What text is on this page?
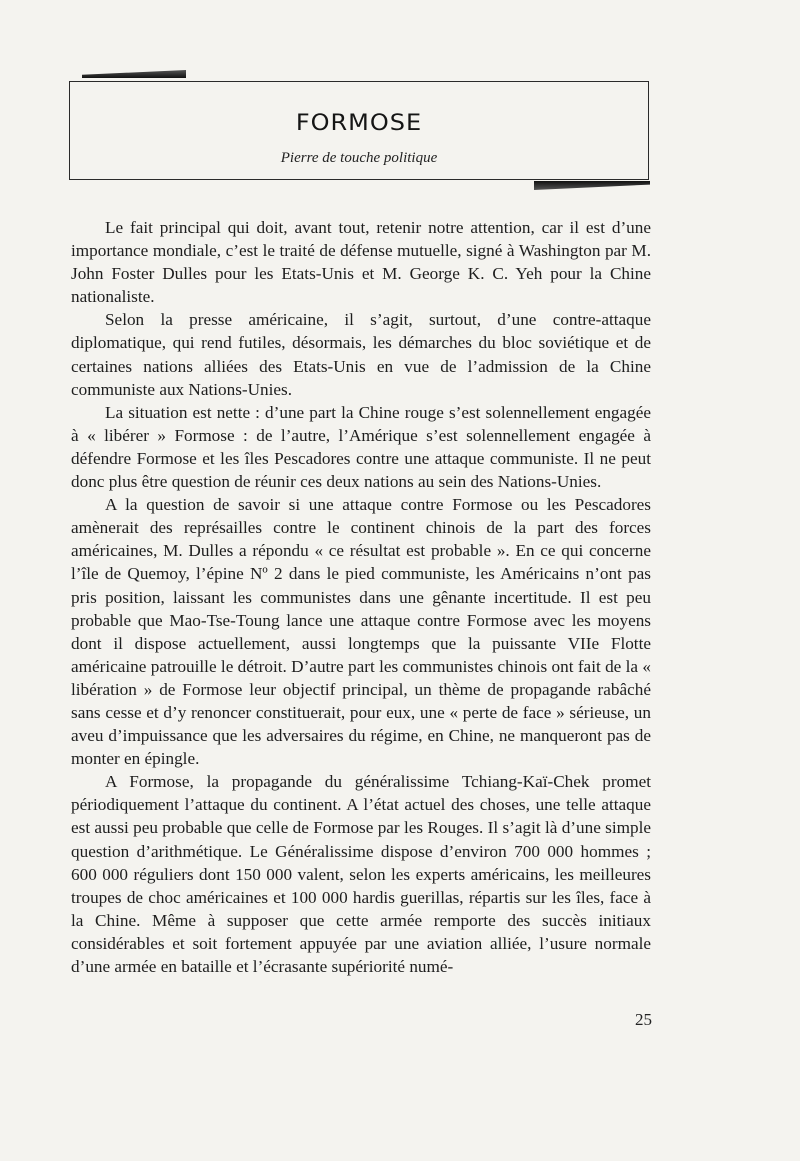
formose
Pierre de touche politique

Le fait principal qui doit, avant tout, retenir notre attention, car il est d’une importance mondiale, c’est le traité de défense mutuelle, signé à Washington par M. John Foster Dulles pour les Etats-Unis et M. George K. C. Yeh pour la Chine nationaliste.

Selon la presse américaine, il s’agit, surtout, d’une contre-attaque diplomatique, qui rend futiles, désormais, les démarches du bloc soviétique et de certaines nations alliées des Etats-Unis en vue de l’admission de la Chine communiste aux Nations-Unies.

La situation est nette : d’une part la Chine rouge s’est solennellement engagée à « libérer » Formose : de l’autre, l’Amérique s’est solennellement engagée à défendre Formose et les îles Pescadores contre une attaque communiste. Il ne peut donc plus être question de réunir ces deux nations au sein des Nations-Unies.

A la question de savoir si une attaque contre Formose ou les Pescadores amènerait des représailles contre le continent chinois de la part des forces américaines, M. Dulles a répondu « ce résultat est probable ». En ce qui concerne l’île de Quemoy, l’épine Nº 2 dans le pied communiste, les Américains n’ont pas pris position, laissant les communistes dans une gênante incertitude. Il est peu probable que Mao-Tse-Toung lance une attaque contre Formose avec les moyens dont il dispose actuellement, aussi longtemps que la puissante VIIe Flotte américaine patrouille le détroit. D’autre part les communistes chinois ont fait de la « libération » de Formose leur objectif principal, un thème de propagande rabâché sans cesse et d’y renoncer constituerait, pour eux, une « perte de face » sérieuse, un aveu d’impuissance que les adversaires du régime, en Chine, ne manqueront pas de monter en épingle.

A Formose, la propagande du généralissime Tchiang-Kaï-Chek promet périodiquement l’attaque du continent. A l’état actuel des choses, une telle attaque est aussi peu probable que celle de Formose par les Rouges. Il s’agit là d’une simple question d’arithmétique. Le Généralissime dispose d’environ 700 000 hommes ; 600 000 réguliers dont 150 000 valent, selon les experts américains, les meilleures troupes de choc américaines et 100 000 hardis guerillas, répartis sur les îles, face à la Chine. Même à supposer que cette armée remporte des succès initiaux considérables et soit fortement appuyée par une aviation alliée, l’usure normale d’une armée en bataille et l’écrasante supériorité numé-

25
